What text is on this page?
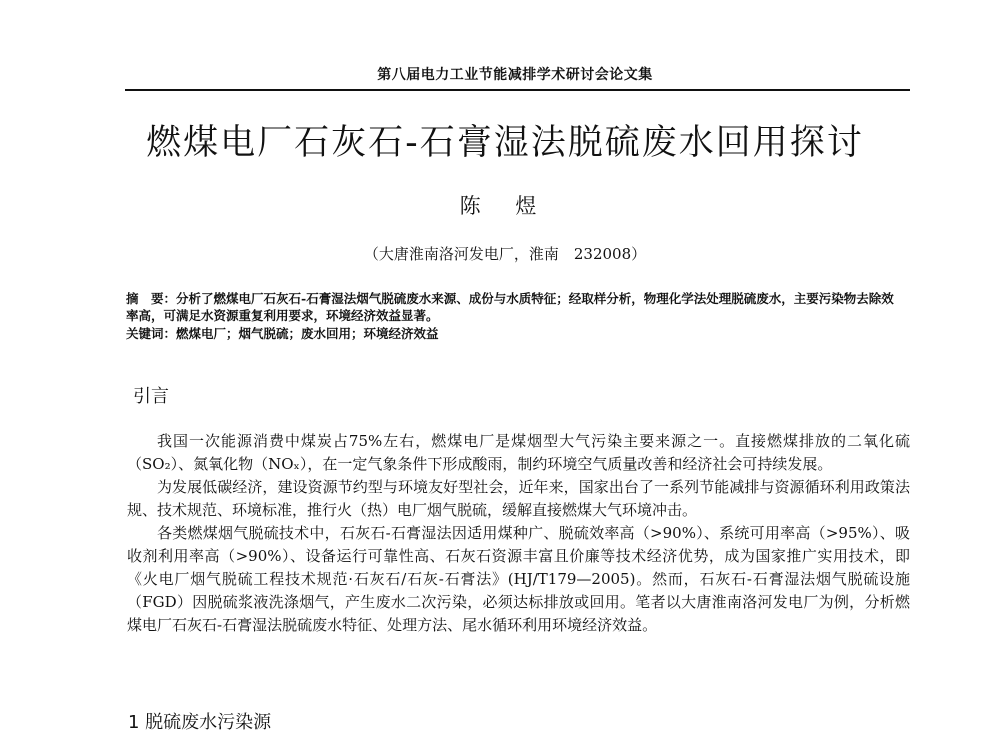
第八届电力工业节能减排学术研讨会论文集
燃煤电厂石灰石-石膏湿法脱硫废水回用探讨
陈 煜
（大唐淮南洛河发电厂，淮南　232008）
摘　要：分析了燃煤电厂石灰石-石膏湿法烟气脱硫废水来源、成份与水质特征；经取样分析，物理化学法处理脱硫废水，主要污染物去除效率高，可满足水资源重复利用要求，环境经济效益显著。
关键词：燃煤电厂；烟气脱硫；废水回用；环境经济效益
引言

我国一次能源消费中煤炭占75%左右，燃煤电厂是煤烟型大气污染主要来源之一。直接燃煤排放的二氧化硫（SO₂）、氮氧化物（NOₓ），在一定气象条件下形成酸雨，制约环境空气质量改善和经济社会可持续发展。

为发展低碳经济，建设资源节约型与环境友好型社会，近年来，国家出台了一系列节能减排与资源循环利用政策法规、技术规范、环境标准，推行火（热）电厂烟气脱硫，缓解直接燃煤大气环境冲击。

各类燃煤烟气脱硫技术中，石灰石-石膏湿法因适用煤种广、脱硫效率高（>90%）、系统可用率高（>95%）、吸收剂利用率高（>90%）、设备运行可靠性高、石灰石资源丰富且价廉等技术经济优势，成为国家推广实用技术，即《火电厂烟气脱硫工程技术规范·石灰石/石灰-石膏法》(HJ/T179—2005)。然而，石灰石-石膏湿法烟气脱硫设施（FGD）因脱硫浆液洗涤烟气，产生废水二次污染，必须达标排放或回用。笔者以大唐淮南洛河发电厂为例，分析燃煤电厂石灰石-石膏湿法脱硫废水特征、处理方法、尾水循环利用环境经济效益。

1 脱硫废水污染源
